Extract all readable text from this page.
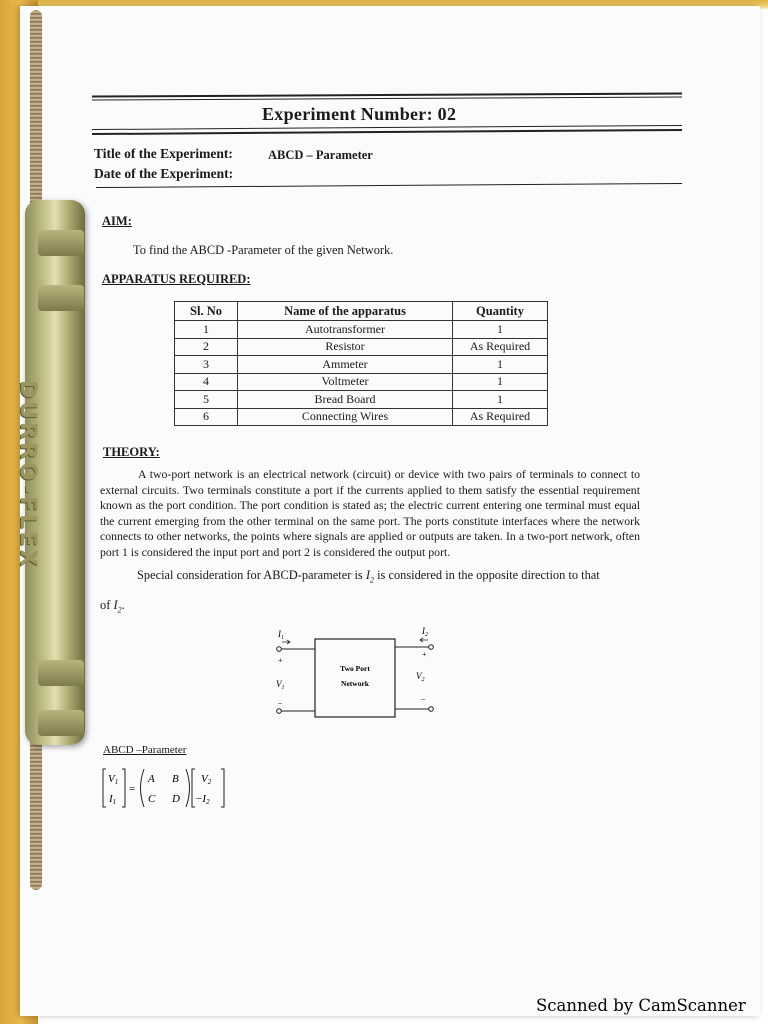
DURRO-FLEX
Experiment Number: 02
Title of the Experiment:	ABCD – Parameter
Date of the Experiment:
AIM:
To find the ABCD -Parameter of the given Network.
APPARATUS REQUIRED:
Sl. No	Name of the apparatus	Quantity
1	Autotransformer	1
2	Resistor	As Required
3	Ammeter	1
4	Voltmeter	1
5	Bread Board	1
6	Connecting Wires	As Required
THEORY:
A two-port network is an electrical network (circuit) or device with two pairs of terminals to connect to external circuits. Two terminals constitute a port if the currents applied to them satisfy the essential requirement known as the port condition. The port condition is stated as; the electric current entering one terminal must equal the current emerging from the other terminal on the same port. The ports constitute interfaces where the network connects to other networks, the points where signals are applied or outputs are taken. In a two-port network, often port 1 is considered the input port and port 2 is considered the output port.
Special consideration for ABCD-parameter is $I_2$ is considered in the opposite direction to that
of $I_2$.
$I_1$
$I_2$
+
+
–	–
$V_1$
$V_2$
Two Port
Network
ABCD –Parameter
V1
I1
=
A B
C D
V2
−I2
Scanned by CamScanner
